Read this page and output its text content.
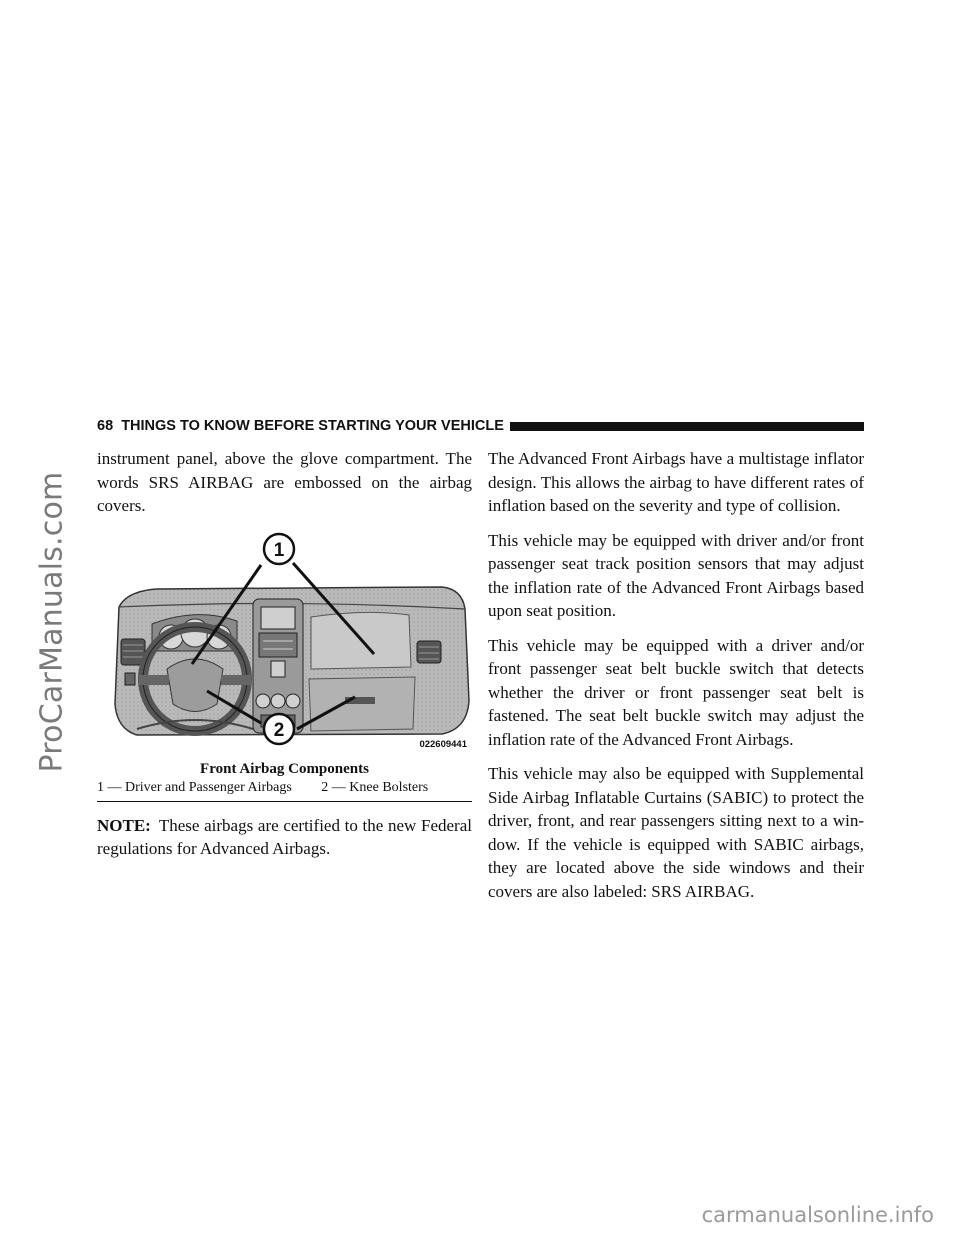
ProCarManuals.com
68 THINGS TO KNOW BEFORE STARTING YOUR VEHICLE

instrument panel, above the glove compartment. The words SRS AIRBAG are embossed on the airbag covers.

1
2
022609441
Front Airbag Components
1 — Driver and Passenger Airbags 2 — Knee Bolsters

NOTE: These airbags are certified to the new Federal regulations for Advanced Airbags.

The Advanced Front Airbags have a multistage inflator design. This allows the airbag to have different rates of inflation based on the severity and type of collision.

This vehicle may be equipped with driver and/or front passenger seat track position sensors that may adjust the inflation rate of the Advanced Front Airbags based upon seat position.

This vehicle may be equipped with a driver and/or front passenger seat belt buckle switch that detects whether the driver or front passenger seat belt is fastened. The seat belt buckle switch may adjust the inflation rate of the Advanced Front Airbags.

This vehicle may also be equipped with Supplemental Side Airbag Inflatable Curtains (SABIC) to protect the driver, front, and rear passengers sitting next to a win- dow. If the vehicle is equipped with SABIC airbags, they are located above the side windows and their covers are also labeled: SRS AIRBAG.

carmanualsonline.info
